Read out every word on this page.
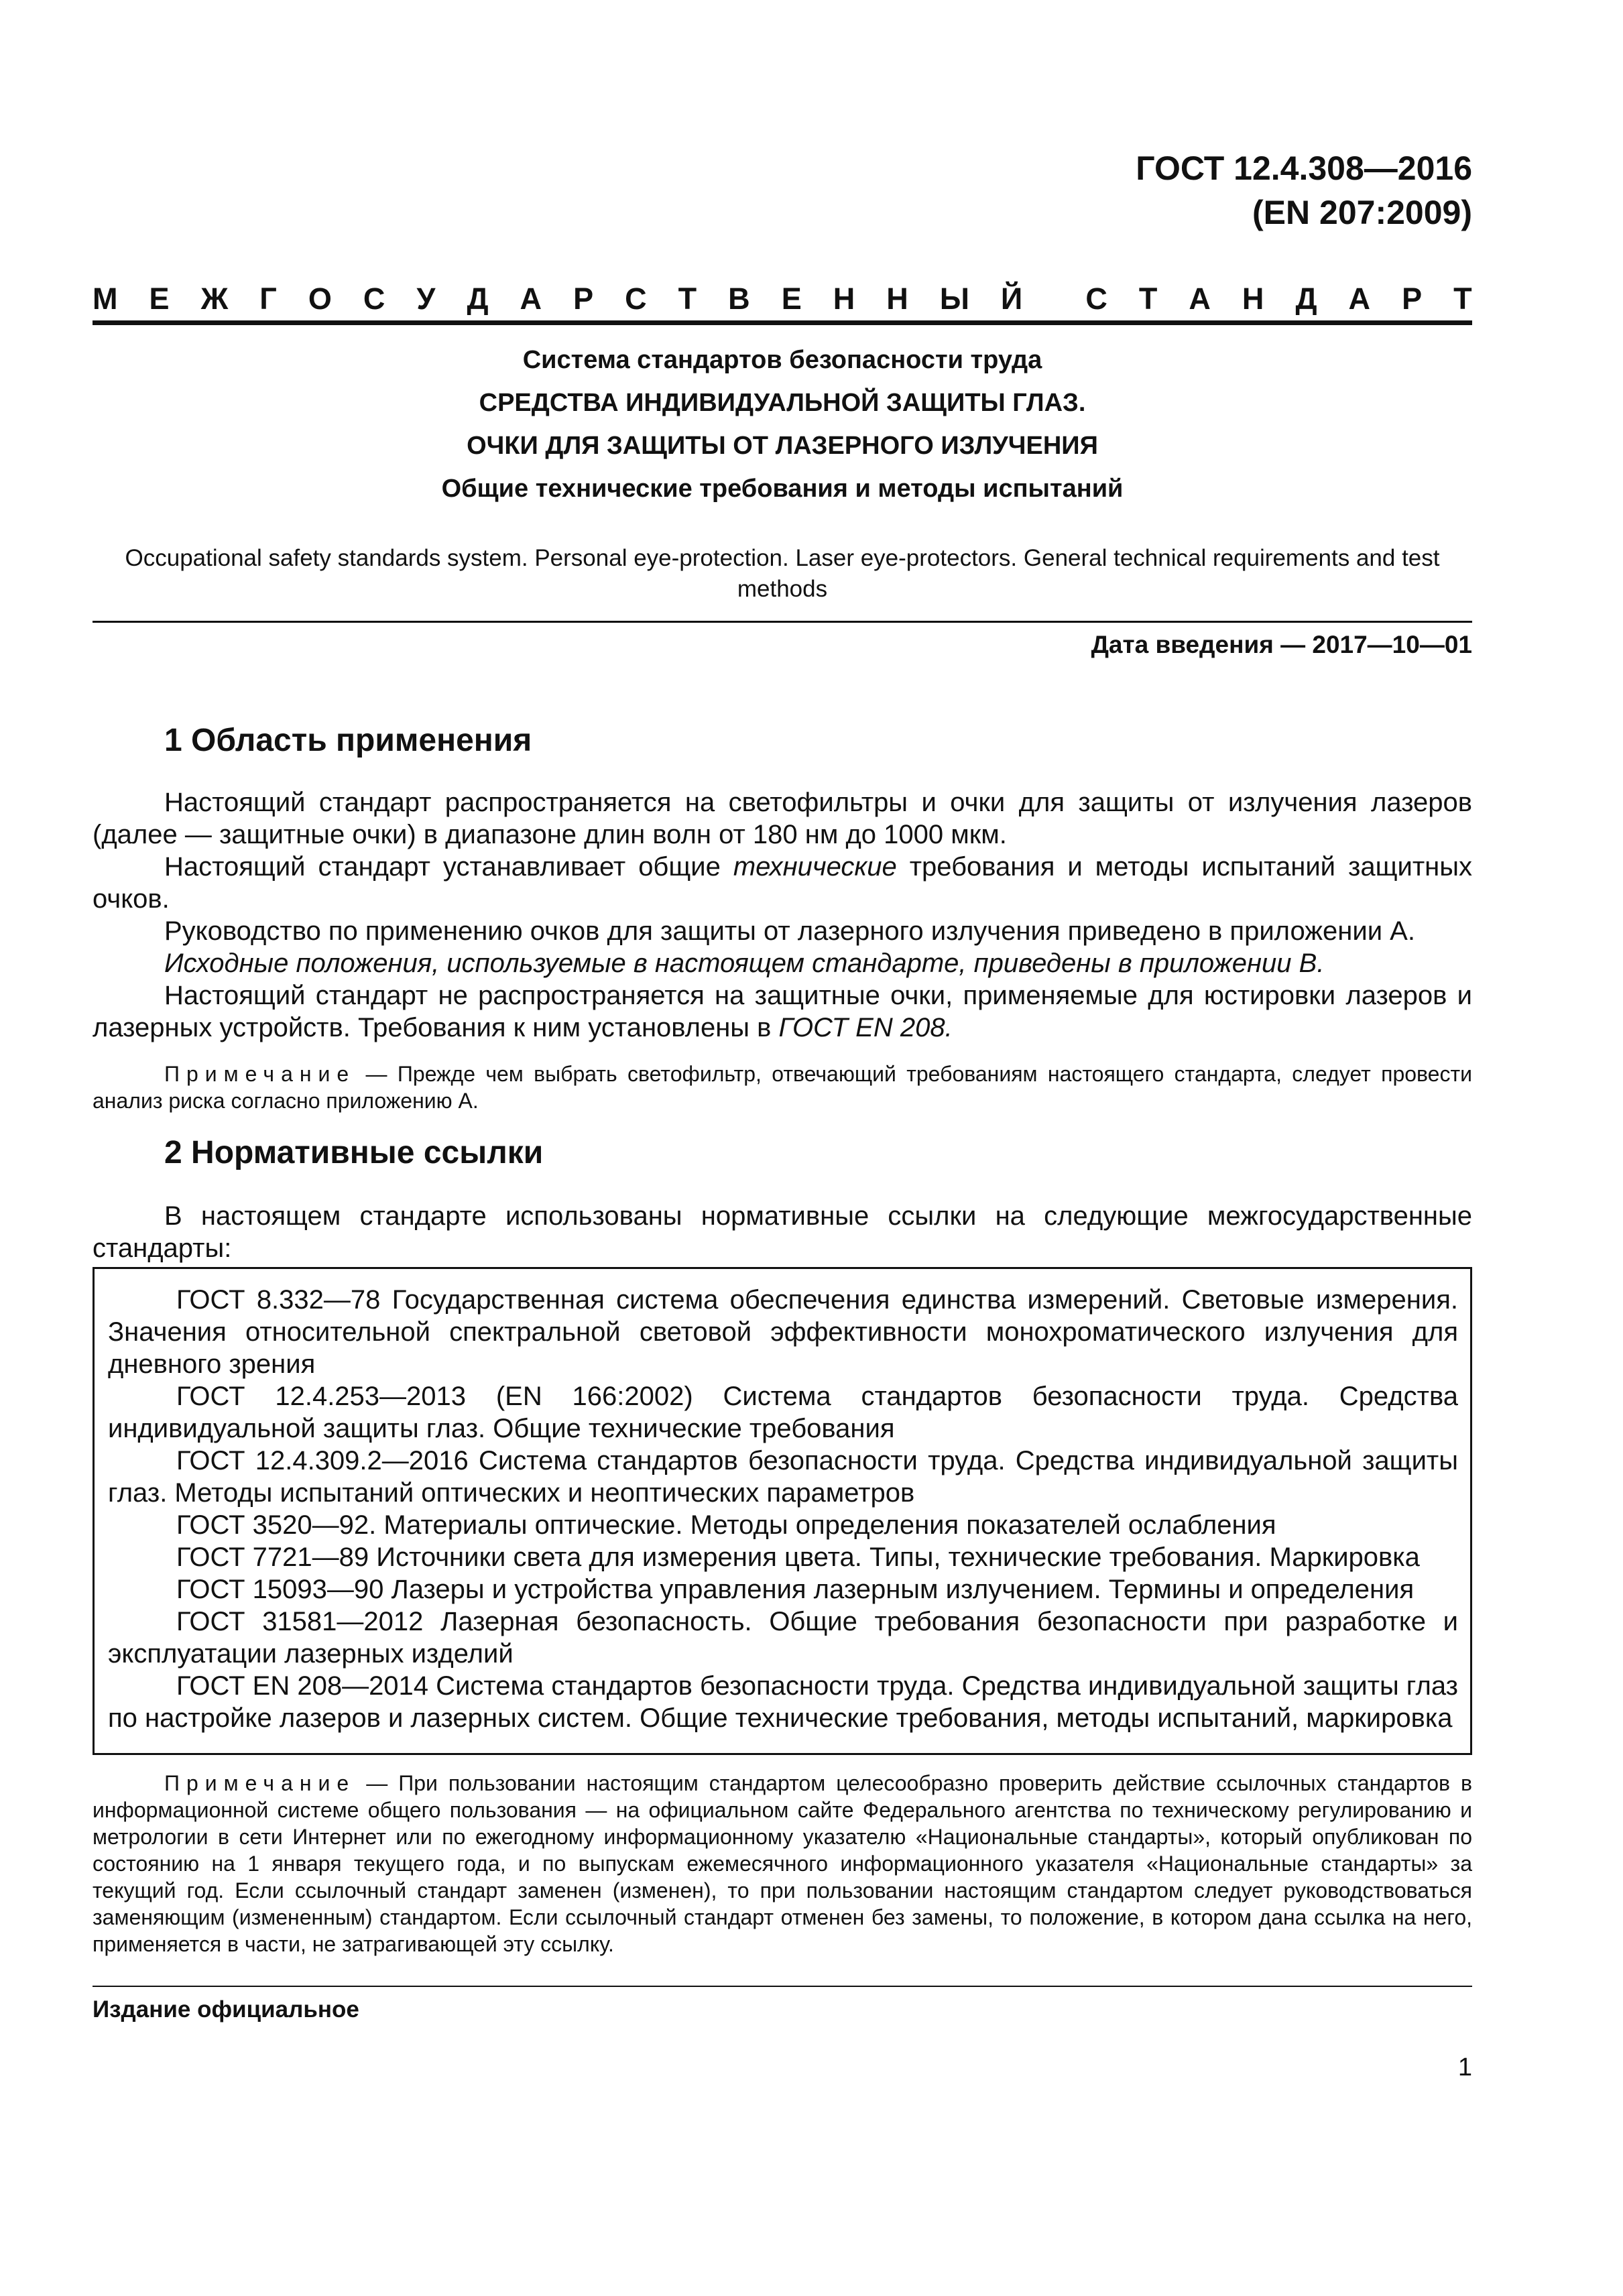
ГОСТ 12.4.308—2016
(EN 207:2009)
М Е Ж Г О С У Д А Р С Т В Е Н Н Ы Й С Т А Н Д А Р Т
Система стандартов безопасности труда
СРЕДСТВА ИНДИВИДУАЛЬНОЙ ЗАЩИТЫ ГЛАЗ.
ОЧКИ ДЛЯ ЗАЩИТЫ ОТ ЛАЗЕРНОГО ИЗЛУЧЕНИЯ
Общие технические требования и методы испытаний
Occupational safety standards system. Personal eye-protection. Laser eye-protectors. General technical requirements and test methods
Дата введения — 2017—10—01
1 Область применения

Настоящий стандарт распространяется на светофильтры и очки для защиты от излучения лазеров (далее — защитные очки) в диапазоне длин волн от 180 нм до 1000 мкм.

Настоящий стандарт устанавливает общие технические требования и методы испытаний защитных очков.

Руководство по применению очков для защиты от лазерного излучения приведено в приложении А.

Исходные положения, используемые в настоящем стандарте, приведены в приложении В.

Настоящий стандарт не распространяется на защитные очки, применяемые для юстировки лазеров и лазерных устройств. Требования к ним установлены в ГОСТ EN 208.

Примечание — Прежде чем выбрать светофильтр, отвечающий требованиям настоящего стандарта, следует провести анализ риска согласно приложению А.

2 Нормативные ссылки

В настоящем стандарте использованы нормативные ссылки на следующие межгосударственные стандарты:

ГОСТ 8.332—78 Государственная система обеспечения единства измерений. Световые измерения. Значения относительной спектральной световой эффективности монохроматического излучения для дневного зрения

ГОСТ 12.4.253—2013 (EN 166:2002) Система стандартов безопасности труда. Средства индивидуальной защиты глаз. Общие технические требования

ГОСТ 12.4.309.2—2016 Система стандартов безопасности труда. Средства индивидуальной защиты глаз. Методы испытаний оптических и неоптических параметров

ГОСТ 3520—92. Материалы оптические. Методы определения показателей ослабления

ГОСТ 7721—89 Источники света для измерения цвета. Типы, технические требования. Маркировка

ГОСТ 15093—90 Лазеры и устройства управления лазерным излучением. Термины и определения

ГОСТ 31581—2012 Лазерная безопасность. Общие требования безопасности при разработке и эксплуатации лазерных изделий

ГОСТ EN 208—2014 Система стандартов безопасности труда. Средства индивидуальной защиты глаз по настройке лазеров и лазерных систем. Общие технические требования, методы испытаний, маркировка

Примечание — При пользовании настоящим стандартом целесообразно проверить действие ссылочных стандартов в информационной системе общего пользования — на официальном сайте Федерального агентства по техническому регулированию и метрологии в сети Интернет или по ежегодному информационному указателю «Национальные стандарты», который опубликован по состоянию на 1 января текущего года, и по выпускам ежемесячного информационного указателя «Национальные стандарты» за текущий год. Если ссылочный стандарт заменен (изменен), то при пользовании настоящим стандартом следует руководствоваться заменяющим (измененным) стандартом. Если ссылочный стандарт отменен без замены, то положение, в котором дана ссылка на него, применяется в части, не затрагивающей эту ссылку.

Издание официальное
1
